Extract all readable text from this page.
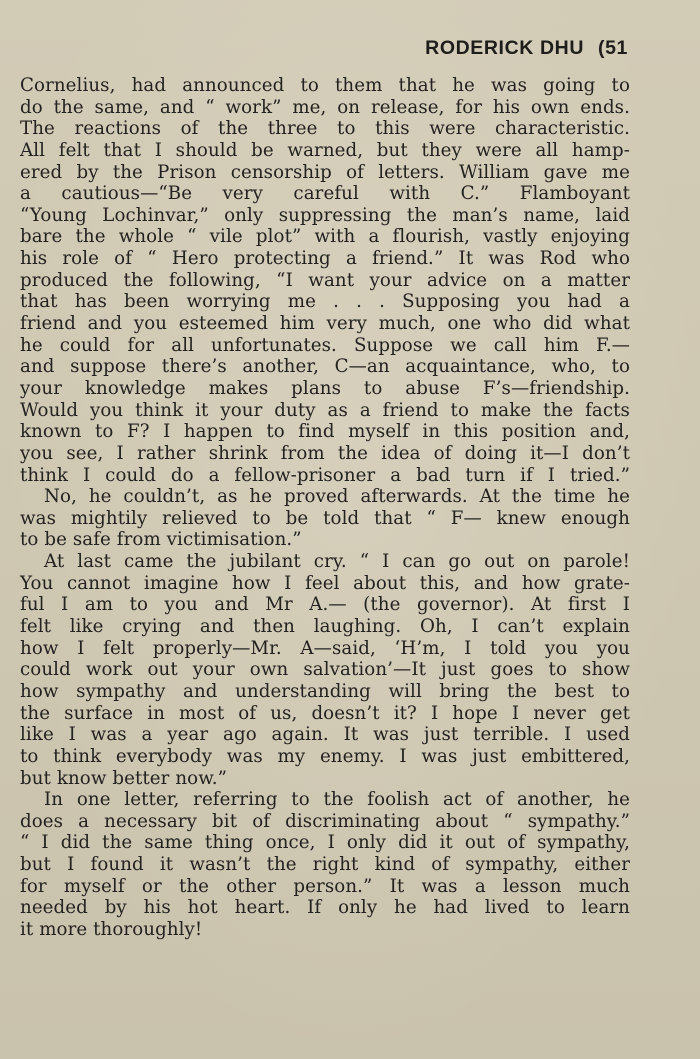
RODERICK DHU (51
Cornelius, had announced to them that he was going to
do the same, and “ work” me, on release, for his own ends.
The reactions of the three to this were characteristic.
All felt that I should be warned, but they were all hamp-
ered by the Prison censorship of letters. William gave me
a cautious—“Be very careful with C.” Flamboyant
“Young Lochinvar,” only suppressing the man’s name, laid
bare the whole “ vile plot” with a flourish, vastly enjoying
his role of “ Hero protecting a friend.” It was Rod who
produced the following, “I want your advice on a matter
that has been worrying me . . . Supposing you had a
friend and you esteemed him very much, one who did what
he could for all unfortunates. Suppose we call him F.—
and suppose there’s another, C—an acquaintance, who, to
your knowledge makes plans to abuse F’s—friendship.
Would you think it your duty as a friend to make the facts
known to F? I happen to find myself in this position and,
you see, I rather shrink from the idea of doing it—I don’t
think I could do a fellow-prisoner a bad turn if I tried.”
No, he couldn’t, as he proved afterwards. At the time he
was mightily relieved to be told that “ F— knew enough
to be safe from victimisation.”
At last came the jubilant cry. “ I can go out on parole!
You cannot imagine how I feel about this, and how grate-
ful I am to you and Mr A.— (the governor). At first I
felt like crying and then laughing. Oh, I can’t explain
how I felt properly—Mr. A—said, ‘H’m, I told you you
could work out your own salvation’—It just goes to show
how sympathy and understanding will bring the best to
the surface in most of us, doesn’t it? I hope I never get
like I was a year ago again. It was just terrible. I used
to think everybody was my enemy. I was just embittered,
but know better now.”
In one letter, referring to the foolish act of another, he
does a necessary bit of discriminating about “ sympathy.”
“ I did the same thing once, I only did it out of sympathy,
but I found it wasn’t the right kind of sympathy, either
for myself or the other person.” It was a lesson much
needed by his hot heart. If only he had lived to learn
it more thoroughly!
